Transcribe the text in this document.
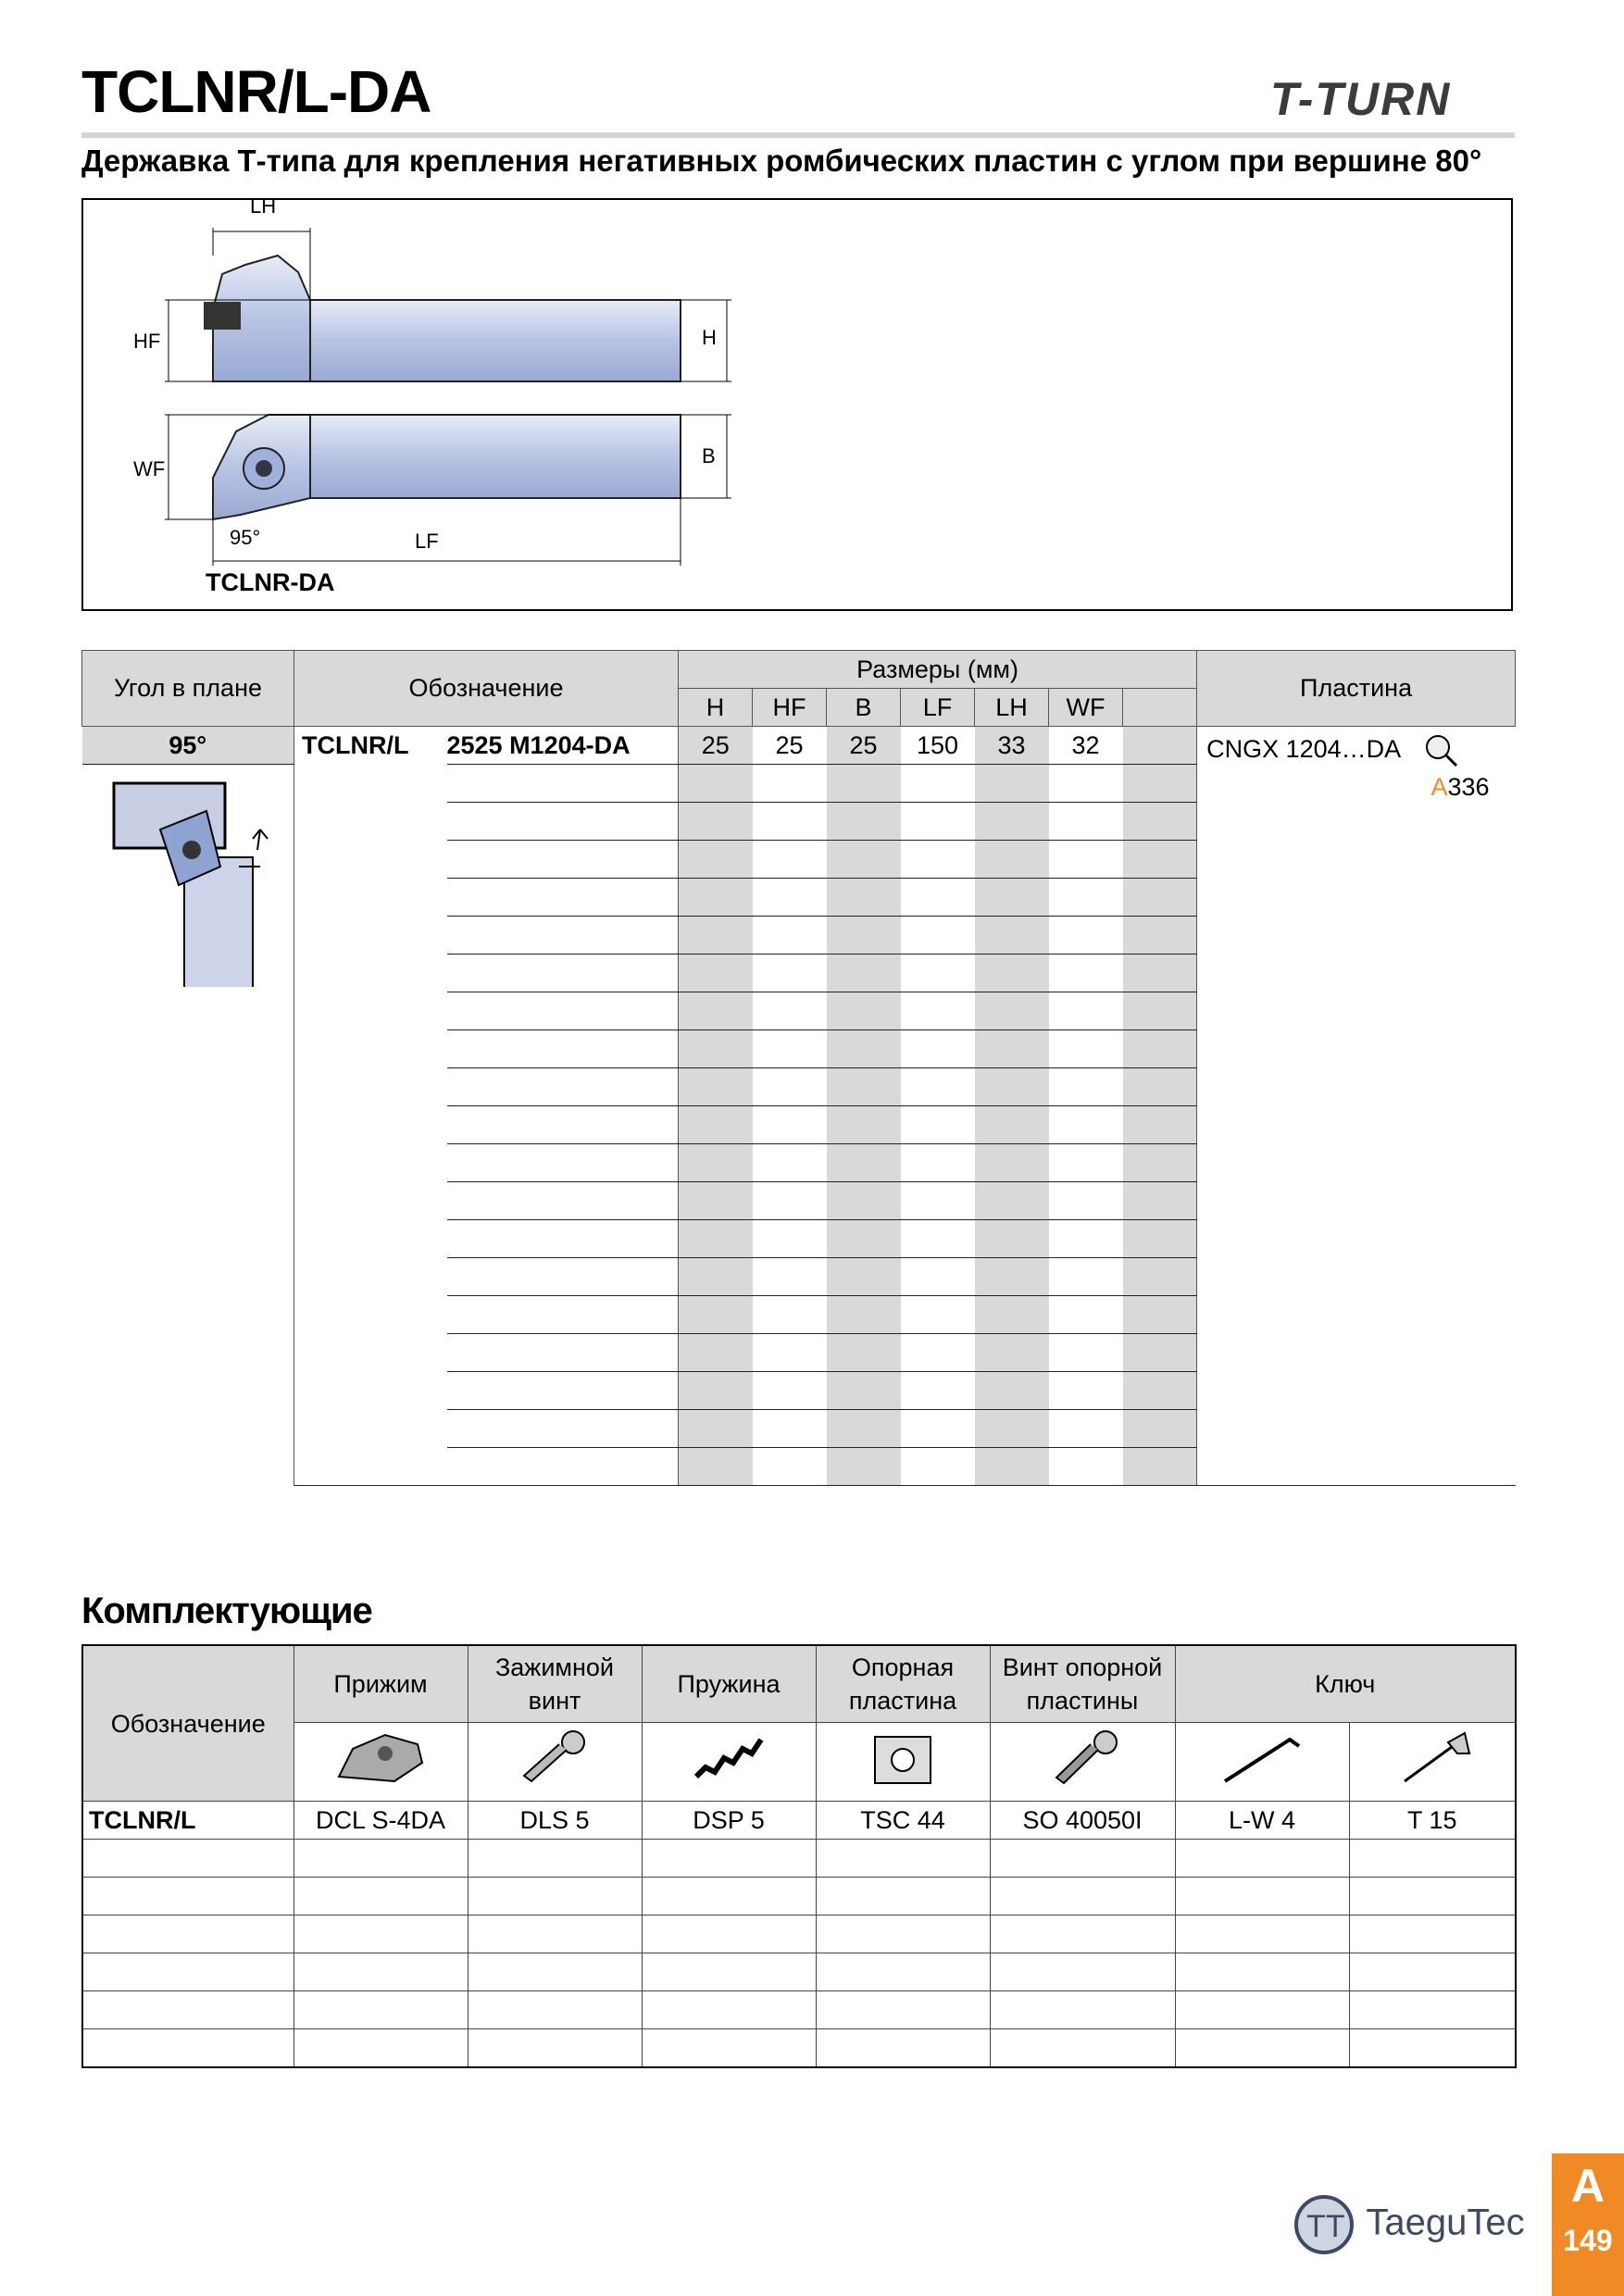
TCLNR/L-DA	T-TURN
Державка Т-типа для крепления негативных ромбических пластин с углом при вершине 80°
LH
HF	H
WF
B
LF
95°
TCLNR-DA
Угол в плане	Обозначение		Размеры (мм)							Пластина
			H	HF	B	LF	LH	WF		
95°	TCLNR/L	2525 M1204-DA	25	25	25	150	33	32		CNGX 1204…DA
A336

Комплектующие
Обозначение	Прижим	Зажимной винт	Пружина	Опорная пластина	Винт опорной пластины	Ключ	

TCLNR/L	DCL S-4DA	DLS 5	DSP 5	TSC 44	SO 40050I	L-W 4	T 15

TT TaeguTec
A
149
